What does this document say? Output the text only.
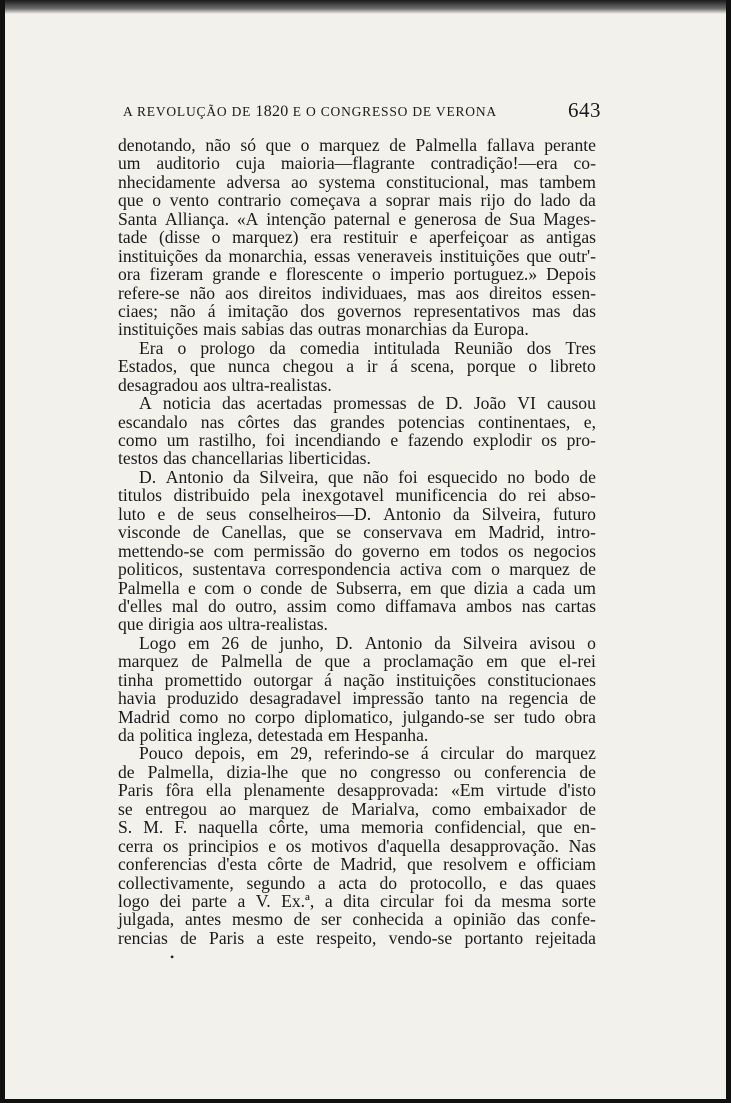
A REVOLUÇÃO DE 1820 E O CONGRESSO DE VERONA	643
denotando, não só que o marquez de Palmella fallava perante
um auditorio cuja maioria—flagrante contradição!—era co-
nhecidamente adversa ao systema constitucional, mas tambem
que o vento contrario começava a soprar mais rijo do lado da
Santa Alliança. «A intenção paternal e generosa de Sua Mages-
tade (disse o marquez) era restituir e aperfeiçoar as antigas
instituições da monarchia, essas veneraveis instituições que outr'-
ora fizeram grande e florescente o imperio portuguez.» Depois
refere-se não aos direitos individuaes, mas aos direitos essen-
ciaes; não á imitação dos governos representativos mas das
instituições mais sabias das outras monarchias da Europa.
Era o prologo da comedia intitulada Reunião dos Tres
Estados, que nunca chegou a ir á scena, porque o libreto
desagradou aos ultra-realistas.
A noticia das acertadas promessas de D. João VI causou
escandalo nas côrtes das grandes potencias continentaes, e,
como um rastilho, foi incendiando e fazendo explodir os pro-
testos das chancellarias liberticidas.
D. Antonio da Silveira, que não foi esquecido no bodo de
titulos distribuido pela inexgotavel munificencia do rei abso-
luto e de seus conselheiros—D. Antonio da Silveira, futuro
visconde de Canellas, que se conservava em Madrid, intro-
mettendo-se com permissão do governo em todos os negocios
politicos, sustentava correspondencia activa com o marquez de
Palmella e com o conde de Subserra, em que dizia a cada um
d'elles mal do outro, assim como diffamava ambos nas cartas
que dirigia aos ultra-realistas.
Logo em 26 de junho, D. Antonio da Silveira avisou o
marquez de Palmella de que a proclamação em que el-rei
tinha promettido outorgar á nação instituições constitucionaes
havia produzido desagradavel impressão tanto na regencia de
Madrid como no corpo diplomatico, julgando-se ser tudo obra
da politica ingleza, detestada em Hespanha.
Pouco depois, em 29, referindo-se á circular do marquez
de Palmella, dizia-lhe que no congresso ou conferencia de
Paris fôra ella plenamente desapprovada: «Em virtude d'isto
se entregou ao marquez de Marialva, como embaixador de
S. M. F. naquella côrte, uma memoria confidencial, que en-
cerra os principios e os motivos d'aquella desapprovação. Nas
conferencias d'esta côrte de Madrid, que resolvem e officiam
collectivamente, segundo a acta do protocollo, e das quaes
logo dei parte a V. Ex.ª, a dita circular foi da mesma sorte
julgada, antes mesmo de ser conhecida a opinião das confe-
rencias de Paris a este respeito, vendo-se portanto rejeitada
•
